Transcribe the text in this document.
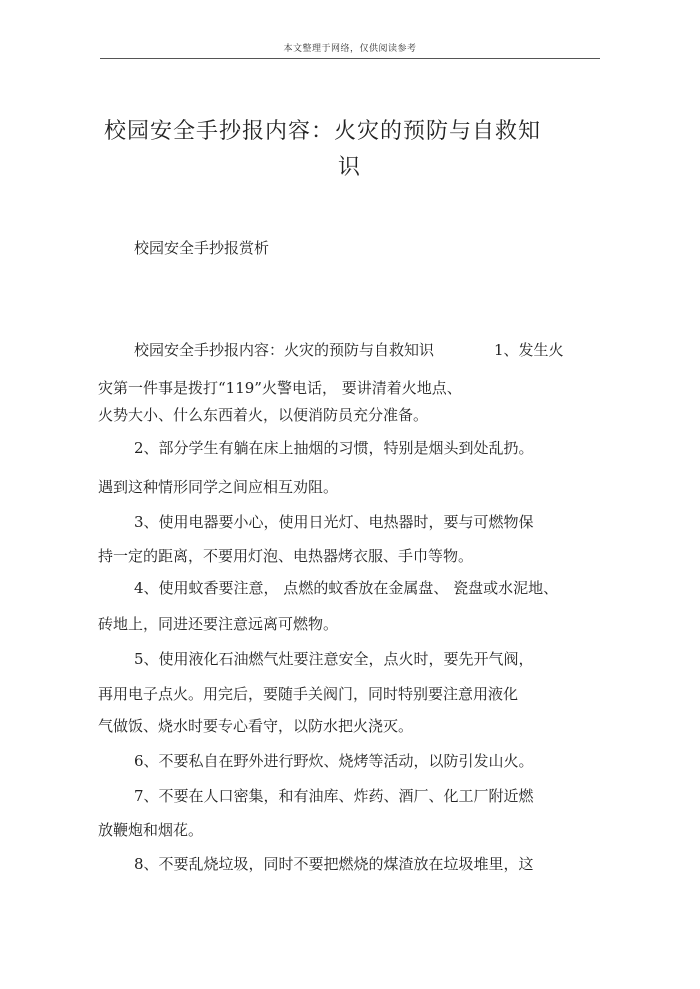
本文整理于网络，仅供阅读参考
校园安全手抄报内容：火灾的预防与自救知
识
校园安全手抄报赏析
校园安全手抄报内容：火灾的预防与自救知识　　　　1、发生火
灾第一件事是拨打“119”火警电话， 要讲清着火地点、
火势大小、什么东西着火，以便消防员充分准备。
2、部分学生有躺在床上抽烟的习惯，特别是烟头到处乱扔。
遇到这种情形同学之间应相互劝阻。
3、使用电器要小心，使用日光灯、电热器时，要与可燃物保
持一定的距离，不要用灯泡、电热器烤衣服、手巾等物。
4、使用蚊香要注意， 点燃的蚊香放在金属盘、 瓷盘或水泥地、
砖地上，同进还要注意远离可燃物。
5、使用液化石油燃气灶要注意安全，点火时，要先开气阀，
再用电子点火。用完后，要随手关阀门，同时特别要注意用液化
气做饭、烧水时要专心看守，以防水把火浇灭。
6、不要私自在野外进行野炊、烧烤等活动，以防引发山火。
7、不要在人口密集，和有油库、炸药、酒厂、化工厂附近燃
放鞭炮和烟花。
8、不要乱烧垃圾，同时不要把燃烧的煤渣放在垃圾堆里，这
